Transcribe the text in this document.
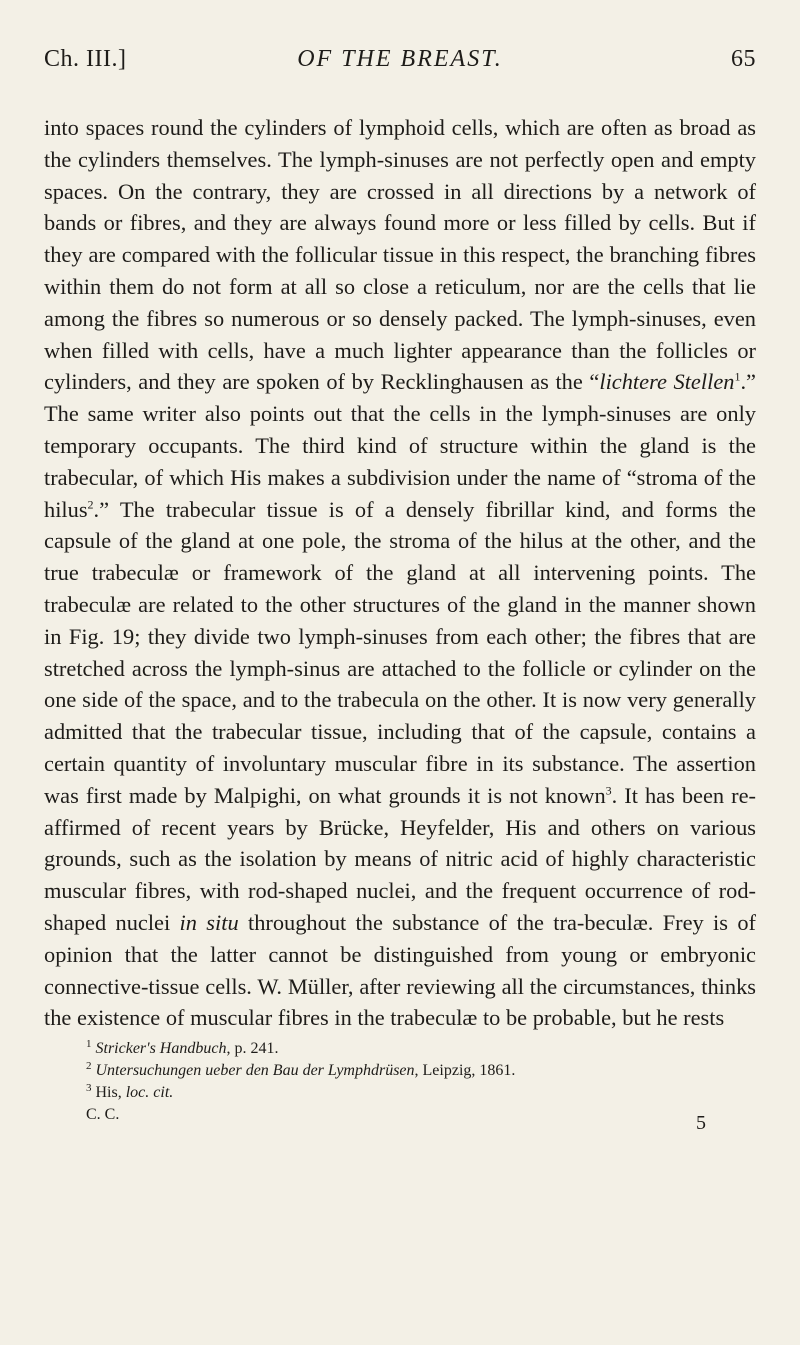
Ch. III.]	OF THE BREAST.	65
into spaces round the cylinders of lymphoid cells, which are often as broad as the cylinders themselves. The lymph-sinuses are not perfectly open and empty spaces. On the contrary, they are crossed in all directions by a network of bands or fibres, and they are always found more or less filled by cells. But if they are compared with the follicular tissue in this respect, the branching fibres within them do not form at all so close a reticulum, nor are the cells that lie among the fibres so numerous or so densely packed. The lymph-sinuses, even when filled with cells, have a much lighter appearance than the follicles or cylinders, and they are spoken of by Recklinghausen as the “lichtere Stellen$^1$.” The same writer also points out that the cells in the lymph-sinuses are only temporary occupants. The third kind of structure within the gland is the trabecular, of which His makes a subdivision under the name of “stroma of the hilus$^2$.” The trabecular tissue is of a densely fibrillar kind, and forms the capsule of the gland at one pole, the stroma of the hilus at the other, and the true trabeculæ or framework of the gland at all intervening points. The trabeculæ are related to the other structures of the gland in the manner shown in Fig. 19; they divide two lymph-sinuses from each other; the fibres that are stretched across the lymph-sinus are attached to the follicle or cylinder on the one side of the space, and to the trabecula on the other. It is now very generally admitted that the trabecular tissue, including that of the capsule, contains a certain quantity of involuntary muscular fibre in its substance. The assertion was first made by Malpighi, on what grounds it is not known$^3$. It has been re-affirmed of recent years by Brücke, Heyfelder, His and others on various grounds, such as the isolation by means of nitric acid of highly characteristic muscular fibres, with rod-shaped nuclei, and the frequent occurrence of rod-shaped nuclei in situ throughout the substance of the tra-beculæ. Frey is of opinion that the latter cannot be distinguished from young or embryonic connective-tissue cells. W. Müller, after reviewing all the circumstances, thinks the existence of muscular fibres in the trabeculæ to be probable, but he rests
$^1$ Stricker's Handbuch, p. 241.
$^2$ Untersuchungen ueber den Bau der Lymphdrüsen, Leipzig, 1861.
$^3$ His, loc. cit.
C. C.	5
